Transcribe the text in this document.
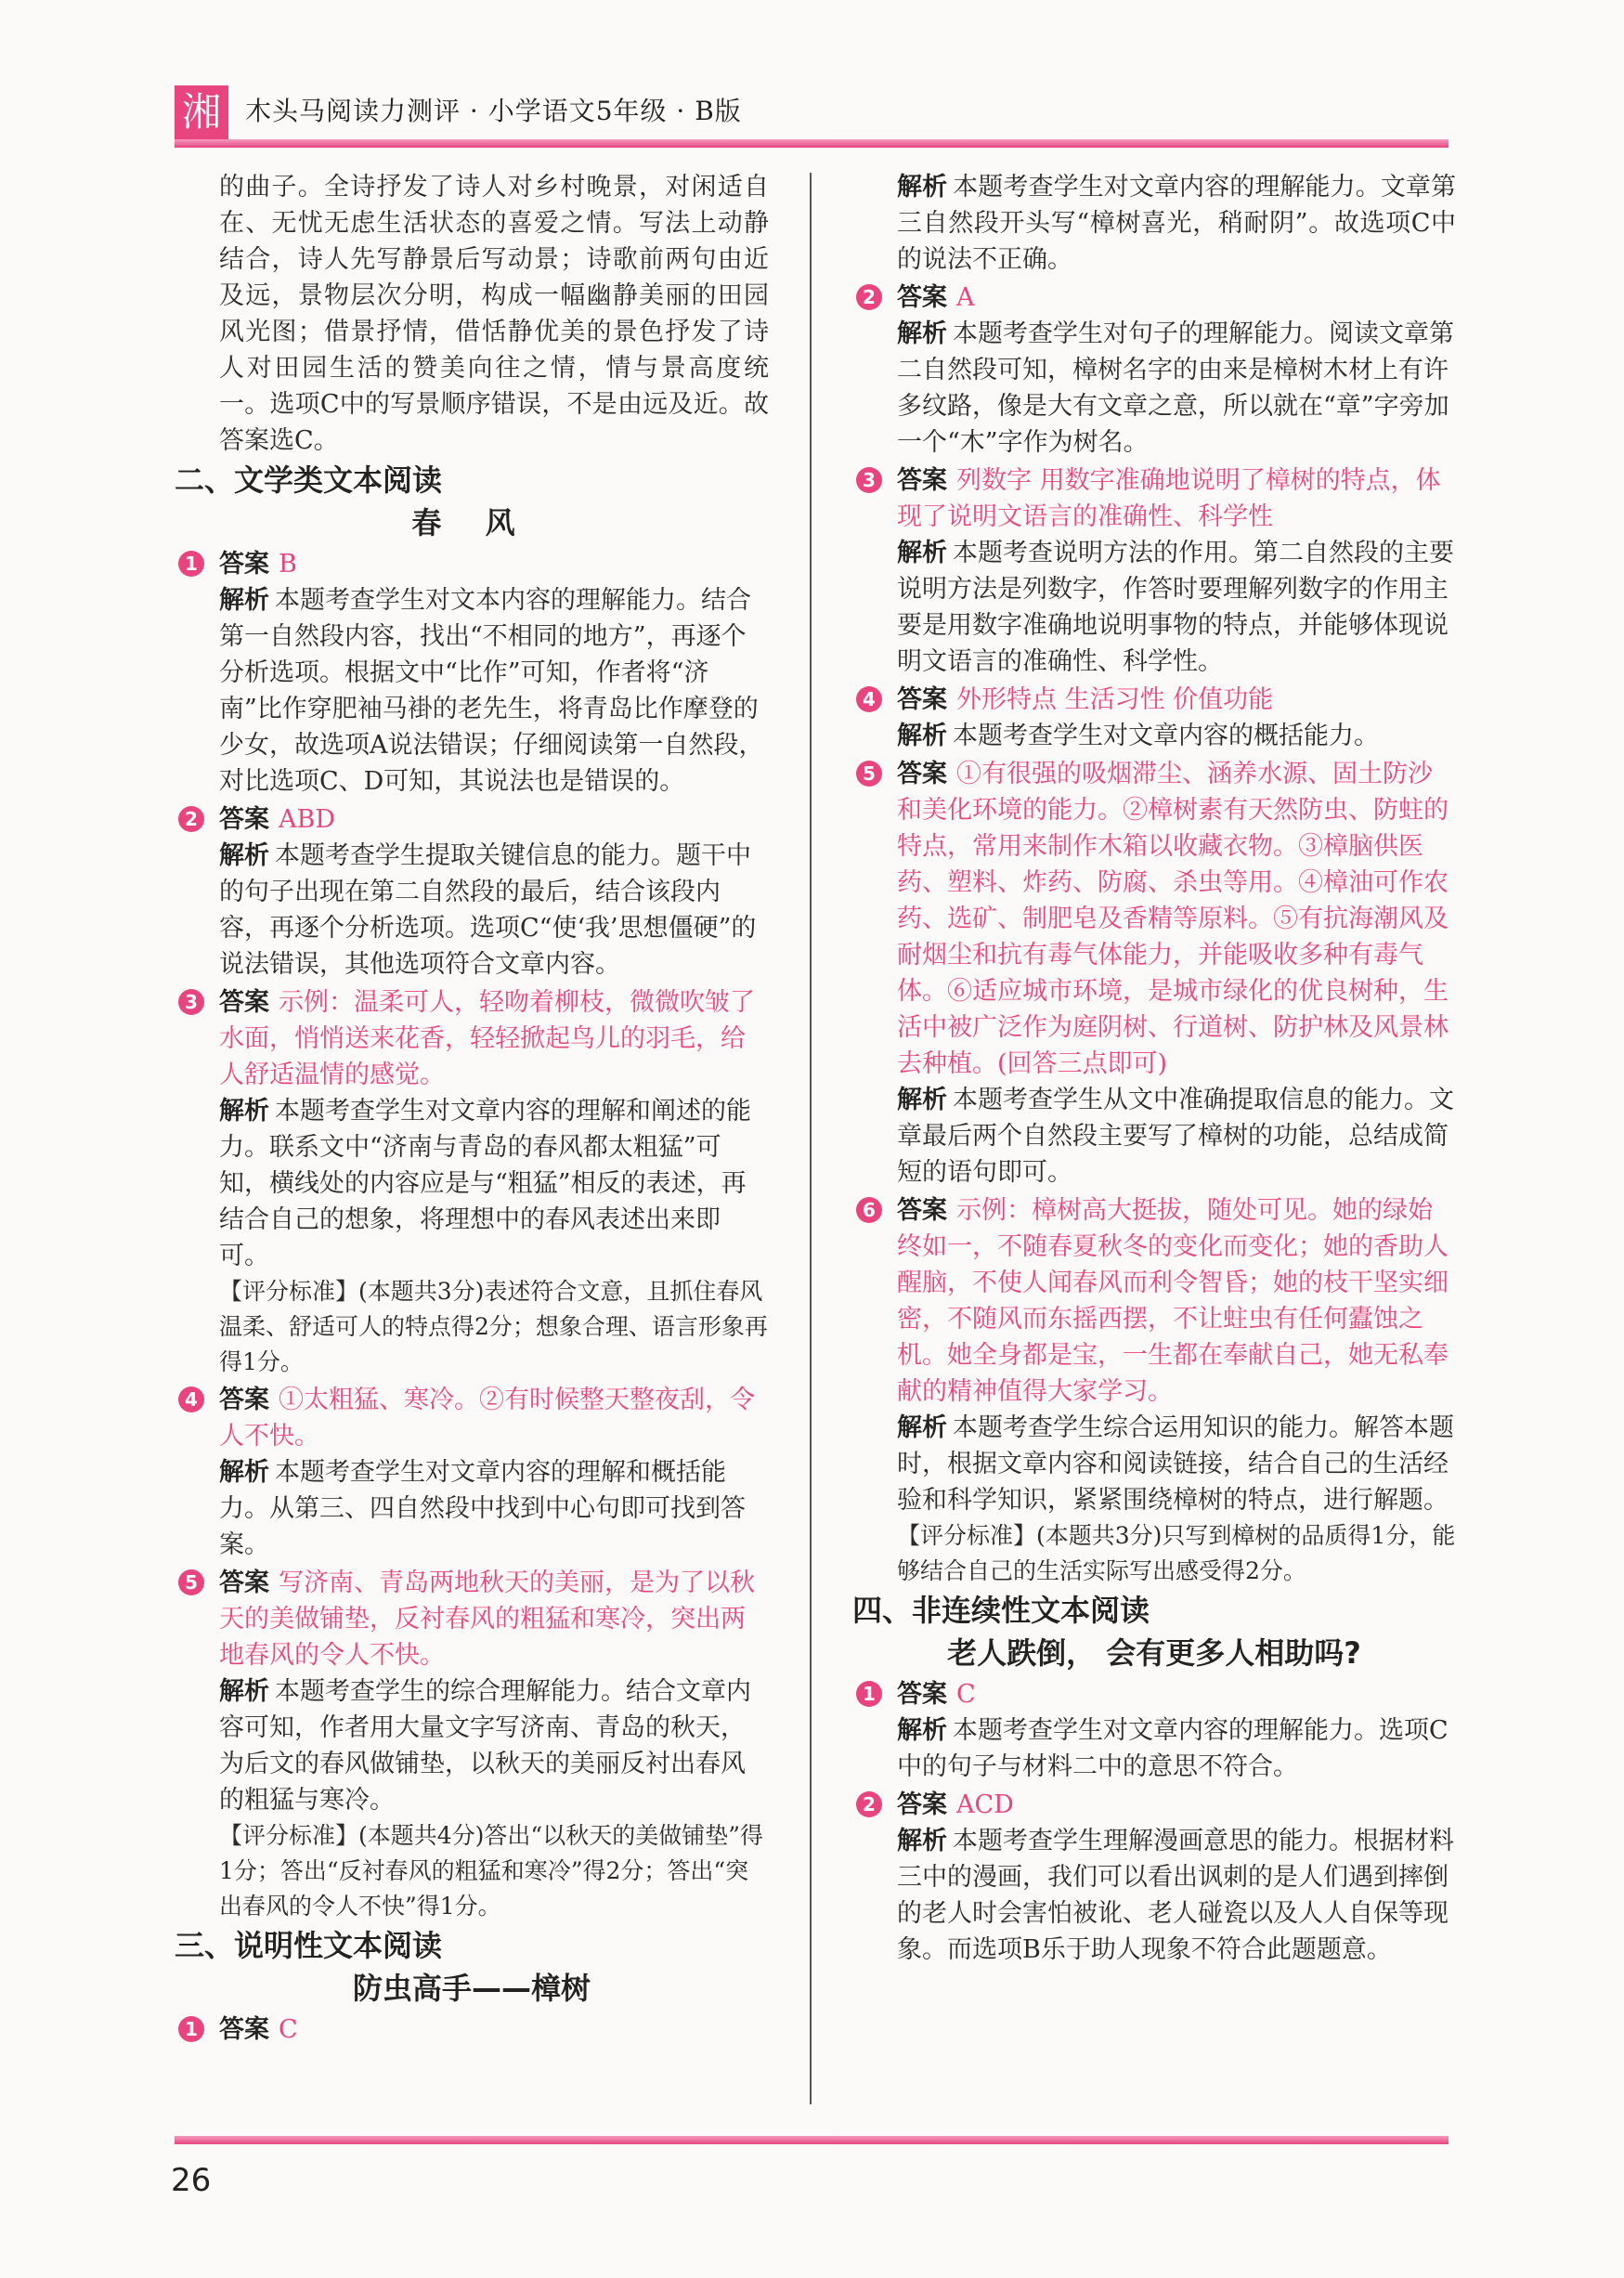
湘 木头马阅读力测评 · 小学语文5年级 · B版

的曲子。全诗抒发了诗人对乡村晚景，对闲适自在、无忧无虑生活状态的喜爱之情。写法上动静结合，诗人先写静景后写动景；诗歌前两句由近及远，景物层次分明，构成一幅幽静美丽的田园风光图；借景抒情，借恬静优美的景色抒发了诗人对田园生活的赞美向往之情，情与景高度统一。选项C中的写景顺序错误，不是由远及近。故答案选C。

二、文学类文本阅读
春 风
1 答案 B
解析 本题考查学生对文本内容的理解能力。结合第一自然段内容，找出“不相同的地方”，再逐个分析选项。根据文中“比作”可知，作者将“济南”比作穿肥袖马褂的老先生，将青岛比作摩登的少女，故选项A说法错误；仔细阅读第一自然段，对比选项C、D可知，其说法也是错误的。
2 答案 ABD
解析 本题考查学生提取关键信息的能力。题干中的句子出现在第二自然段的最后，结合该段内容，再逐个分析选项。选项C“使‘我’思想僵硬”的说法错误，其他选项符合文章内容。
3 答案 示例：温柔可人，轻吻着柳枝，微微吹皱了水面，悄悄送来花香，轻轻掀起鸟儿的羽毛，给人舒适温情的感觉。
解析 本题考查学生对文章内容的理解和阐述的能力。联系文中“济南与青岛的春风都太粗猛”可知，横线处的内容应是与“粗猛”相反的表述，再结合自己的想象，将理想中的春风表述出来即可。

【评分标准】(本题共3分)表述符合文意，且抓住春风温柔、舒适可人的特点得2分；想象合理、语言形象再得1分。

4 答案 ①太粗猛、寒冷。②有时候整天整夜刮，令人不快。
解析 本题考查学生对文章内容的理解和概括能力。从第三、四自然段中找到中心句即可找到答案。
5 答案 写济南、青岛两地秋天的美丽，是为了以秋天的美做铺垫，反衬春风的粗猛和寒冷，突出两地春风的令人不快。
解析 本题考查学生的综合理解能力。结合文章内容可知，作者用大量文字写济南、青岛的秋天，为后文的春风做铺垫，以秋天的美丽反衬出春风的粗猛与寒冷。

【评分标准】(本题共4分)答出“以秋天的美做铺垫”得1分；答出“反衬春风的粗猛和寒冷”得2分；答出“突出春风的令人不快”得1分。

三、说明性文本阅读
防虫高手——樟树
1 答案 C

解析 本题考查学生对文章内容的理解能力。文章第三自然段开头写“樟树喜光，稍耐阴”。故选项C中的说法不正确。

2 答案 A
解析 本题考查学生对句子的理解能力。阅读文章第二自然段可知，樟树名字的由来是樟树木材上有许多纹路，像是大有文章之意，所以就在“章”字旁加一个“木”字作为树名。
3 答案 列数字 用数字准确地说明了樟树的特点，体现了说明文语言的准确性、科学性
解析 本题考查说明方法的作用。第二自然段的主要说明方法是列数字，作答时要理解列数字的作用主要是用数字准确地说明事物的特点，并能够体现说明文语言的准确性、科学性。
4 答案 外形特点 生活习性 价值功能
解析 本题考查学生对文章内容的概括能力。
5 答案 ①有很强的吸烟滞尘、涵养水源、固土防沙和美化环境的能力。②樟树素有天然防虫、防蛀的特点，常用来制作木箱以收藏衣物。③樟脑供医药、塑料、炸药、防腐、杀虫等用。④樟油可作农药、选矿、制肥皂及香精等原料。⑤有抗海潮风及耐烟尘和抗有毒气体能力，并能吸收多种有毒气体。⑥适应城市环境，是城市绿化的优良树种，生活中被广泛作为庭阴树、行道树、防护林及风景林去种植。(回答三点即可)
解析 本题考查学生从文中准确提取信息的能力。文章最后两个自然段主要写了樟树的功能，总结成简短的语句即可。
6 答案 示例：樟树高大挺拔，随处可见。她的绿始终如一，不随春夏秋冬的变化而变化；她的香助人醒脑，不使人闻春风而利令智昏；她的枝干坚实细密，不随风而东摇西摆，不让蛀虫有任何蠹蚀之机。她全身都是宝，一生都在奉献自己，她无私奉献的精神值得大家学习。
解析 本题考查学生综合运用知识的能力。解答本题时，根据文章内容和阅读链接，结合自己的生活经验和科学知识，紧紧围绕樟树的特点，进行解题。

【评分标准】(本题共3分)只写到樟树的品质得1分，能够结合自己的生活实际写出感受得2分。

四、非连续性文本阅读
老人跌倒， 会有更多人相助吗?
1 答案 C
解析 本题考查学生对文章内容的理解能力。选项C中的句子与材料二中的意思不符合。
2 答案 ACD
解析 本题考查学生理解漫画意思的能力。根据材料三中的漫画，我们可以看出讽刺的是人们遇到摔倒的老人时会害怕被讹、老人碰瓷以及人人自保等现象。而选项B乐于助人现象不符合此题题意。
26
